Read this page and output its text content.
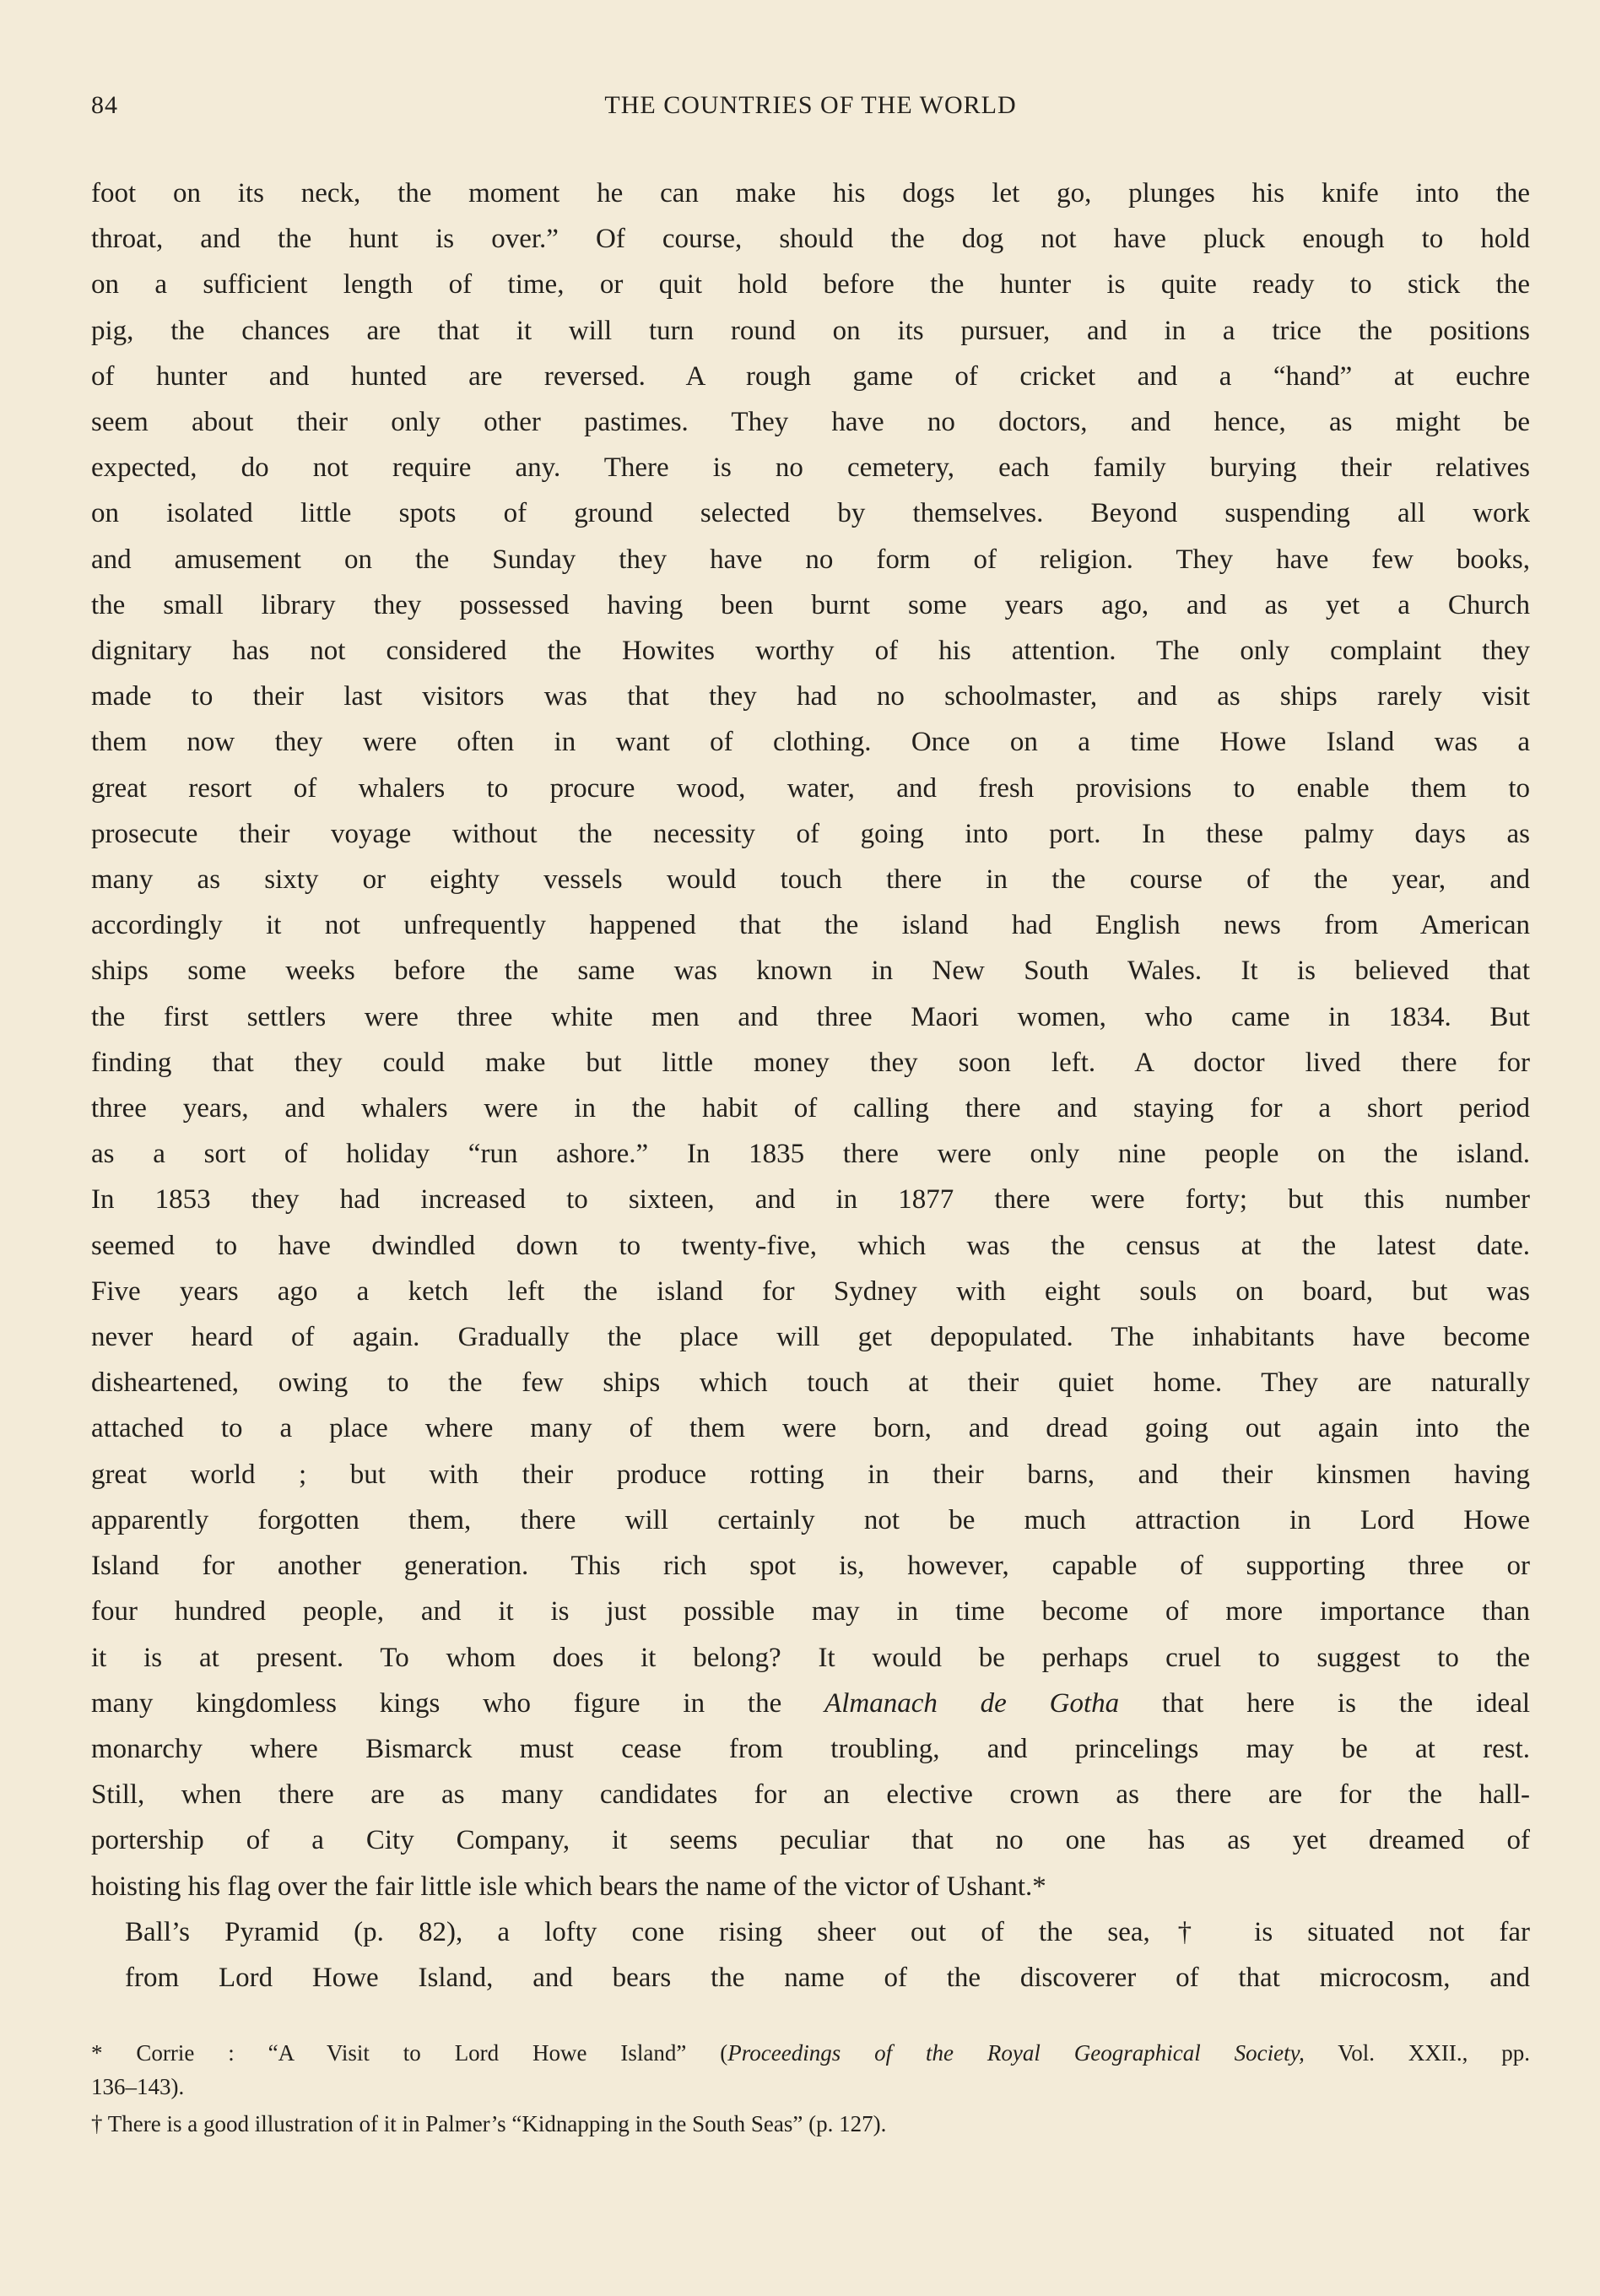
84	THE COUNTRIES OF THE WORLD

foot on its neck, the moment he can make his dogs let go, plunges his knife into the
throat, and the hunt is over.” Of course, should the dog not have pluck enough to hold
on a sufficient length of time, or quit hold before the hunter is quite ready to stick the
pig, the chances are that it will turn round on its pursuer, and in a trice the positions
of hunter and hunted are reversed. A rough game of cricket and a “hand” at euchre
seem about their only other pastimes. They have no doctors, and hence, as might be
expected, do not require any. There is no cemetery, each family burying their relatives
on isolated little spots of ground selected by themselves. Beyond suspending all work
and amusement on the Sunday they have no form of religion. They have few books,
the small library they possessed having been burnt some years ago, and as yet a Church
dignitary has not considered the Howites worthy of his attention. The only complaint they
made to their last visitors was that they had no schoolmaster, and as ships rarely visit
them now they were often in want of clothing. Once on a time Howe Island was a
great resort of whalers to procure wood, water, and fresh provisions to enable them to
prosecute their voyage without the necessity of going into port. In these palmy days as
many as sixty or eighty vessels would touch there in the course of the year, and
accordingly it not unfrequently happened that the island had English news from American
ships some weeks before the same was known in New South Wales. It is believed that
the first settlers were three white men and three Maori women, who came in 1834. But
finding that they could make but little money they soon left. A doctor lived there for
three years, and whalers were in the habit of calling there and staying for a short period
as a sort of holiday “run ashore.” In 1835 there were only nine people on the island.
In 1853 they had increased to sixteen, and in 1877 there were forty; but this number
seemed to have dwindled down to twenty-five, which was the census at the latest date.
Five years ago a ketch left the island for Sydney with eight souls on board, but was
never heard of again. Gradually the place will get depopulated. The inhabitants have become
disheartened, owing to the few ships which touch at their quiet home. They are naturally
attached to a place where many of them were born, and dread going out again into the
great world ; but with their produce rotting in their barns, and their kinsmen having
apparently forgotten them, there will certainly not be much attraction in Lord Howe
Island for another generation. This rich spot is, however, capable of supporting three or
four hundred people, and it is just possible may in time become of more importance than
it is at present. To whom does it belong? It would be perhaps cruel to suggest to the
many kingdomless kings who figure in the Almanach de Gotha that here is the ideal
monarchy where Bismarck must cease from troubling, and princelings may be at rest.
Still, when there are as many candidates for an elective crown as there are for the hall-
portership of a City Company, it seems peculiar that no one has as yet dreamed of
hoisting his flag over the fair little isle which bears the name of the victor of Ushant.*

Ball’s Pyramid (p. 82), a lofty cone rising sheer out of the sea,† is situated not far
from Lord Howe Island, and bears the name of the discoverer of that microcosm, and

* Corrie : “A Visit to Lord Howe Island” (Proceedings of the Royal Geographical Society, Vol. XXII., pp.
136–143).
† There is a good illustration of it in Palmer’s “Kidnapping in the South Seas” (p. 127).
